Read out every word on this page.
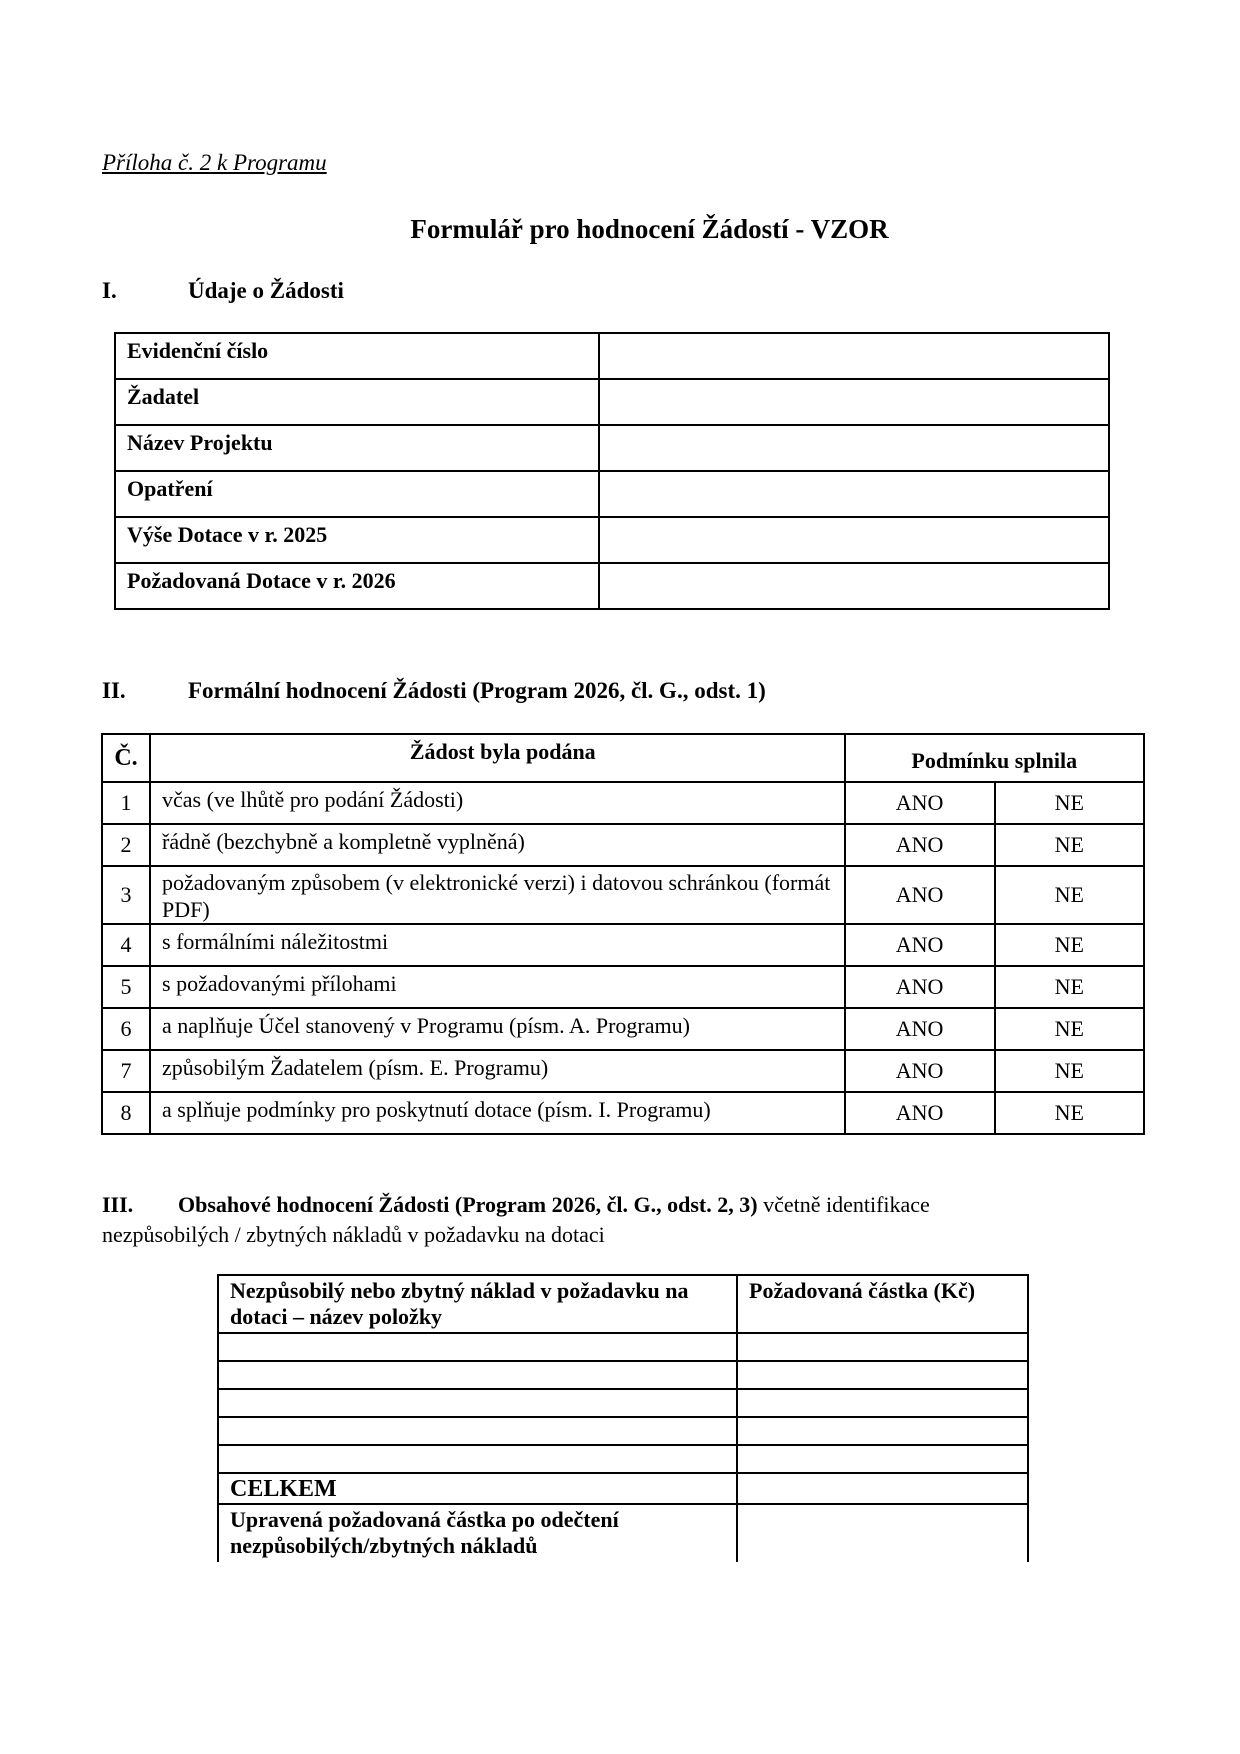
Příloha č. 2 k Programu
Formulář pro hodnocení Žádostí - VZOR
I.	Údaje o Žádosti
Evidenční číslo	
Žadatel	
Název Projektu	
Opatření	
Výše Dotace v r. 2025	
Požadovaná Dotace v r. 2026	
II.	Formální hodnocení Žádosti (Program 2026, čl. G., odst. 1)
Č.	Žádost byla podána	Podmínku splnila	
1	včas (ve lhůtě pro podání Žádosti)	ANO	NE
2	řádně (bezchybně a kompletně vyplněná)	ANO	NE
3	požadovaným způsobem (v elektronické verzi) i datovou schránkou (formát PDF)	ANO	NE
4	s formálními náležitostmi	ANO	NE
5	s požadovanými přílohami	ANO	NE
6	a naplňuje Účel stanovený v Programu (písm. A. Programu)	ANO	NE
7	způsobilým Žadatelem (písm. E. Programu)	ANO	NE
8	a splňuje podmínky pro poskytnutí dotace (písm. I. Programu)	ANO	NE
III. Obsahové hodnocení Žádosti (Program 2026, čl. G., odst. 2, 3) včetně identifikace
nezpůsobilých / zbytných nákladů v požadavku na dotaci
Nezpůsobilý nebo zbytný náklad v požadavku na dotaci – název položky	Požadovaná částka (Kč)

CELKEM	
Upravená požadovaná částka po odečtení nezpůsobilých/zbytných nákladů	
